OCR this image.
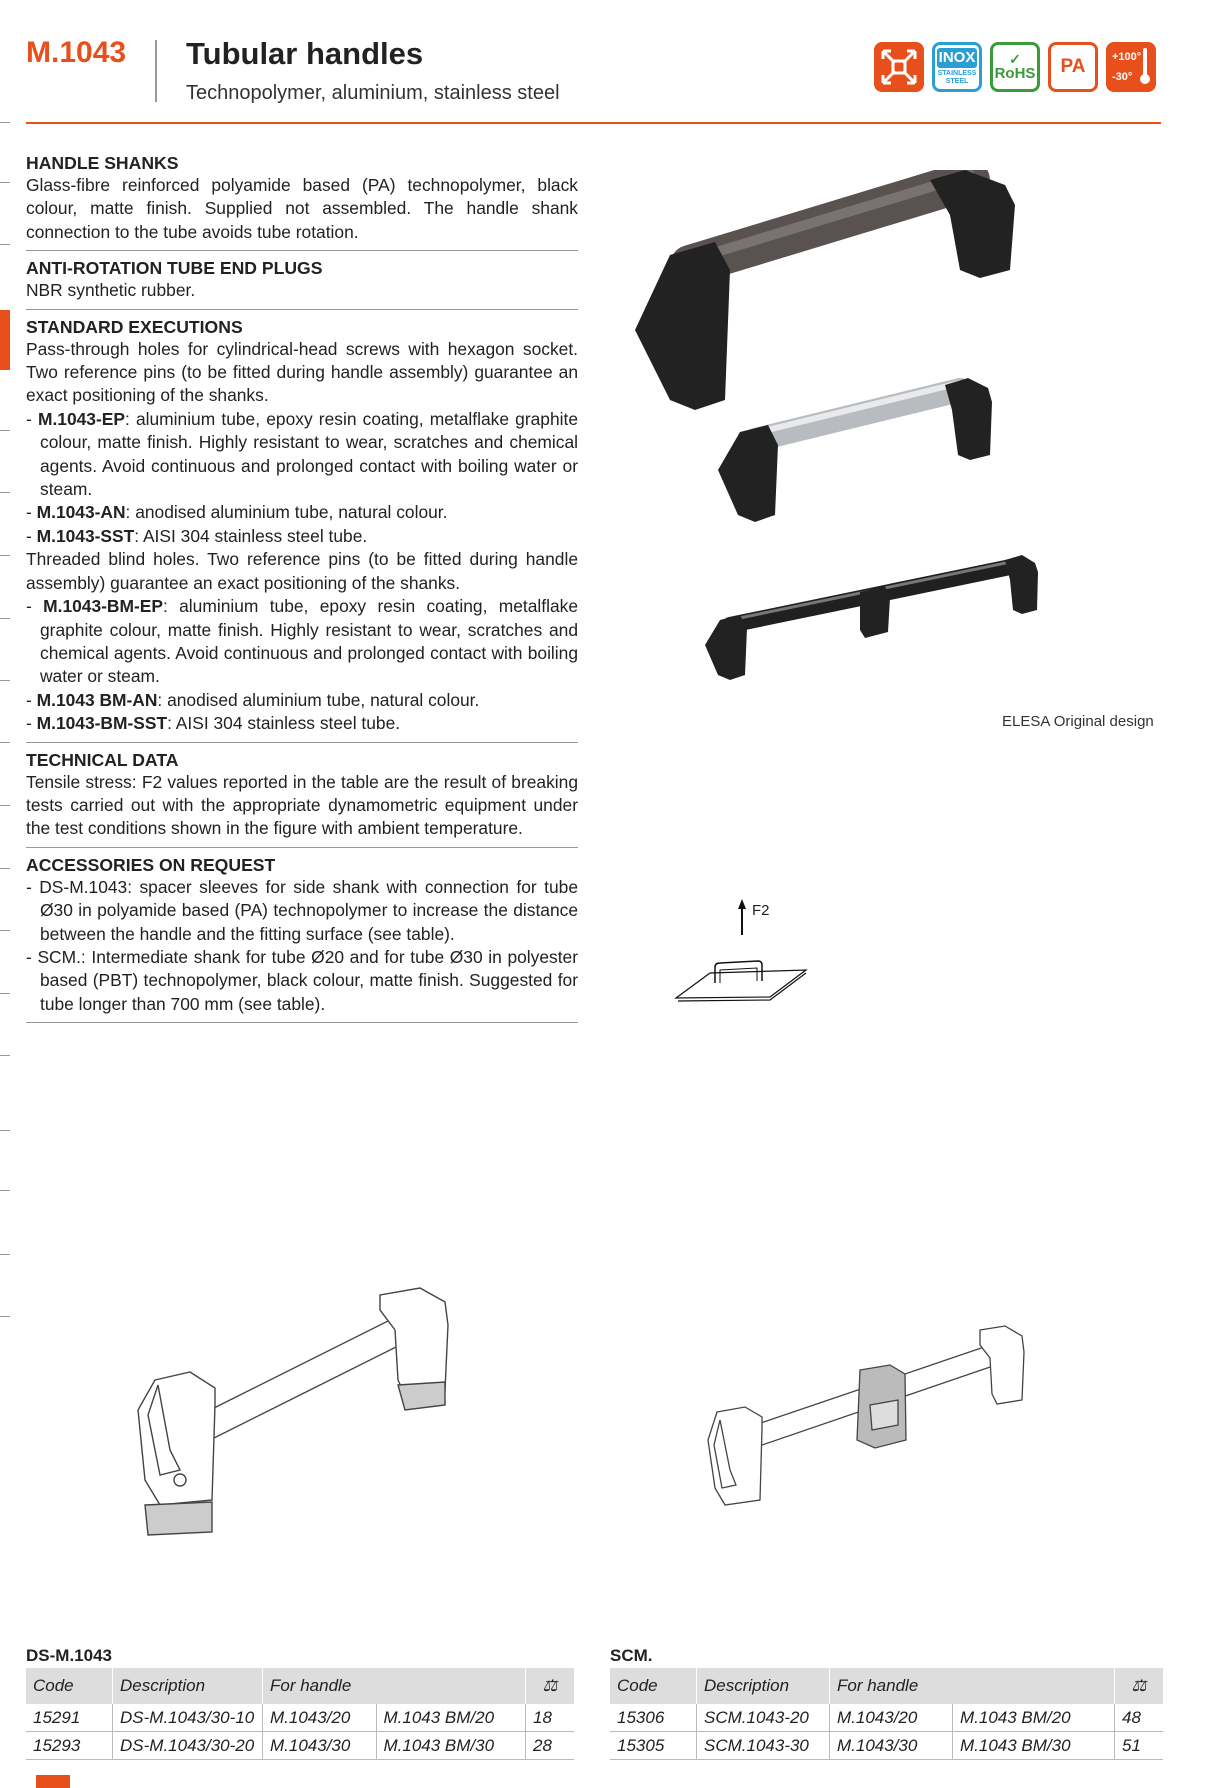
M.1043 Tubular handles
Technopolymer, aluminium, stainless steel
INOX
STAINLESS STEEL
✓
RoHS	PA	+100°
-30°
HANDLE SHANKS

Glass-fibre reinforced polyamide based (PA) technopolymer, black colour, matte finish. Supplied not assembled. The handle shank connection to the tube avoids tube rotation.

ANTI-ROTATION TUBE END PLUGS

NBR synthetic rubber.

STANDARD EXECUTIONS

Pass-through holes for cylindrical-head screws with hexagon socket. Two reference pins (to be fitted during handle assembly) guarantee an exact positioning of the shanks.

- M.1043-EP: aluminium tube, epoxy resin coating, metalflake graphite colour, matte finish. Highly resistant to wear, scratches and chemical agents. Avoid continuous and prolonged contact with boiling water or steam.

- M.1043-AN: anodised aluminium tube, natural colour.

- M.1043-SST: AISI 304 stainless steel tube.

Threaded blind holes. Two reference pins (to be fitted during handle assembly) guarantee an exact positioning of the shanks.

- M.1043-BM-EP: aluminium tube, epoxy resin coating, metalflake graphite colour, matte finish. Highly resistant to wear, scratches and chemical agents. Avoid continuous and prolonged contact with boiling water or steam.

- M.1043 BM-AN: anodised aluminium tube, natural colour.

- M.1043-BM-SST: AISI 304 stainless steel tube.

TECHNICAL DATA

Tensile stress: F2 values reported in the table are the result of breaking tests carried out with the appropriate dynamometric equipment under the test conditions shown in the figure with ambient temperature.

ACCESSORIES ON REQUEST

- DS-M.1043: spacer sleeves for side shank with connection for tube Ø30 in polyamide based (PA) technopolymer to increase the distance between the handle and the fitting surface (see table).

- SCM.: Intermediate shank for tube Ø20 and for tube Ø30 in polyester based (PBT) technopolymer, black colour, matte finish. Suggested for tube longer than 700 mm (see table).

ELESA Original design
F2
DS-M.1043
Code	Description	For handle		⚖
15291	DS-M.1043/30-10	M.1043/20	M.1043 BM/20	18
15293	DS-M.1043/30-20	M.1043/30	M.1043 BM/30	28
SCM.
Code	Description	For handle		⚖
15306	SCM.1043-20	M.1043/20	M.1043 BM/20	48
15305	SCM.1043-30	M.1043/30	M.1043 BM/30	51
